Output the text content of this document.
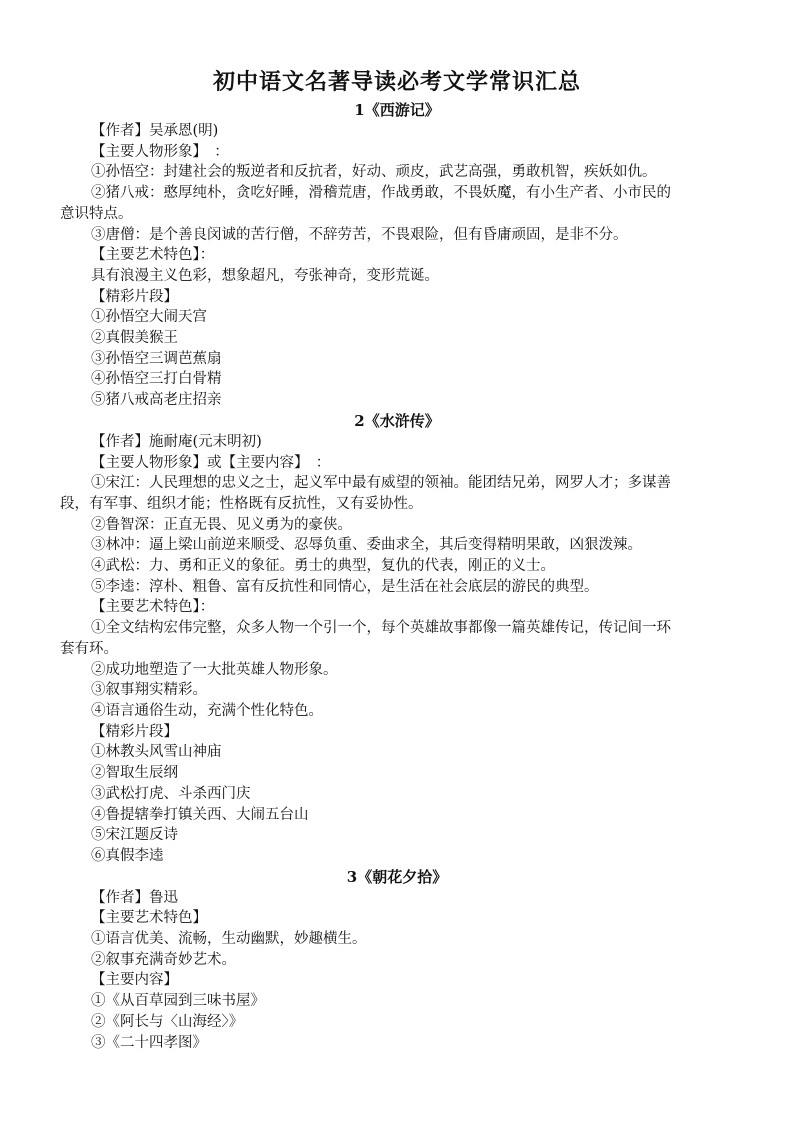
初中语文名著导读必考文学常识汇总
1《西游记》

【作者】吴承恩(明)

【主要人物形象】　：

①孙悟空：封建社会的叛逆者和反抗者，好动、顽皮，武艺高强，勇敢机智，疾妖如仇。

②猪八戒：憨厚纯朴，贪吃好睡，滑稽荒唐，作战勇敢，不畏妖魔，有小生产者、小市民的

意识特点。

③唐僧：是个善良闵诚的苦行僧，不辞劳苦，不畏艰险，但有昏庸顽固，是非不分。

【主要艺术特色】：

具有浪漫主义色彩，想象超凡，夸张神奇，变形荒诞。

【精彩片段】

①孙悟空大闹天宫

②真假美猴王

③孙悟空三调芭蕉扇

④孙悟空三打白骨精

⑤猪八戒高老庄招亲

2《水浒传》

【作者】施耐庵(元末明初)

【主要人物形象】或【主要内容】　：

①宋江：人民理想的忠义之士，起义军中最有威望的领袖。能团结兄弟，网罗人才；多谋善

段，有军事、组织才能；性格既有反抗性，又有妥协性。

②鲁智深：正直无畏、见义勇为的豪侠。

③林冲：逼上梁山前逆来顺受、忍辱负重、委曲求全，其后变得精明果敢，凶狠泼辣。

④武松：力、勇和正义的象征。勇士的典型，复仇的代表，刚正的义士。

⑤李逵：淳朴、粗鲁、富有反抗性和同情心，是生活在社会底层的游民的典型。

【主要艺术特色】：

①全文结构宏伟完整，众多人物一个引一个，每个英雄故事都像一篇英雄传记，传记间一环

套有环。

②成功地塑造了一大批英雄人物形象。

③叙事翔实精彩。

④语言通俗生动，充满个性化特色。

【精彩片段】

①林教头风雪山神庙

②智取生辰纲

③武松打虎、斗杀西门庆

④鲁提辖拳打镇关西、大闹五台山

⑤宋江题反诗

⑥真假李逵

3《朝花夕拾》

【作者】鲁迅

【主要艺术特色】

①语言优美、流畅，生动幽默，妙趣横生。

②叙事充满奇妙艺术。

【主要内容】

①《从百草园到三味书屋》

②《阿长与〈山海经〉》

③《二十四孝图》
